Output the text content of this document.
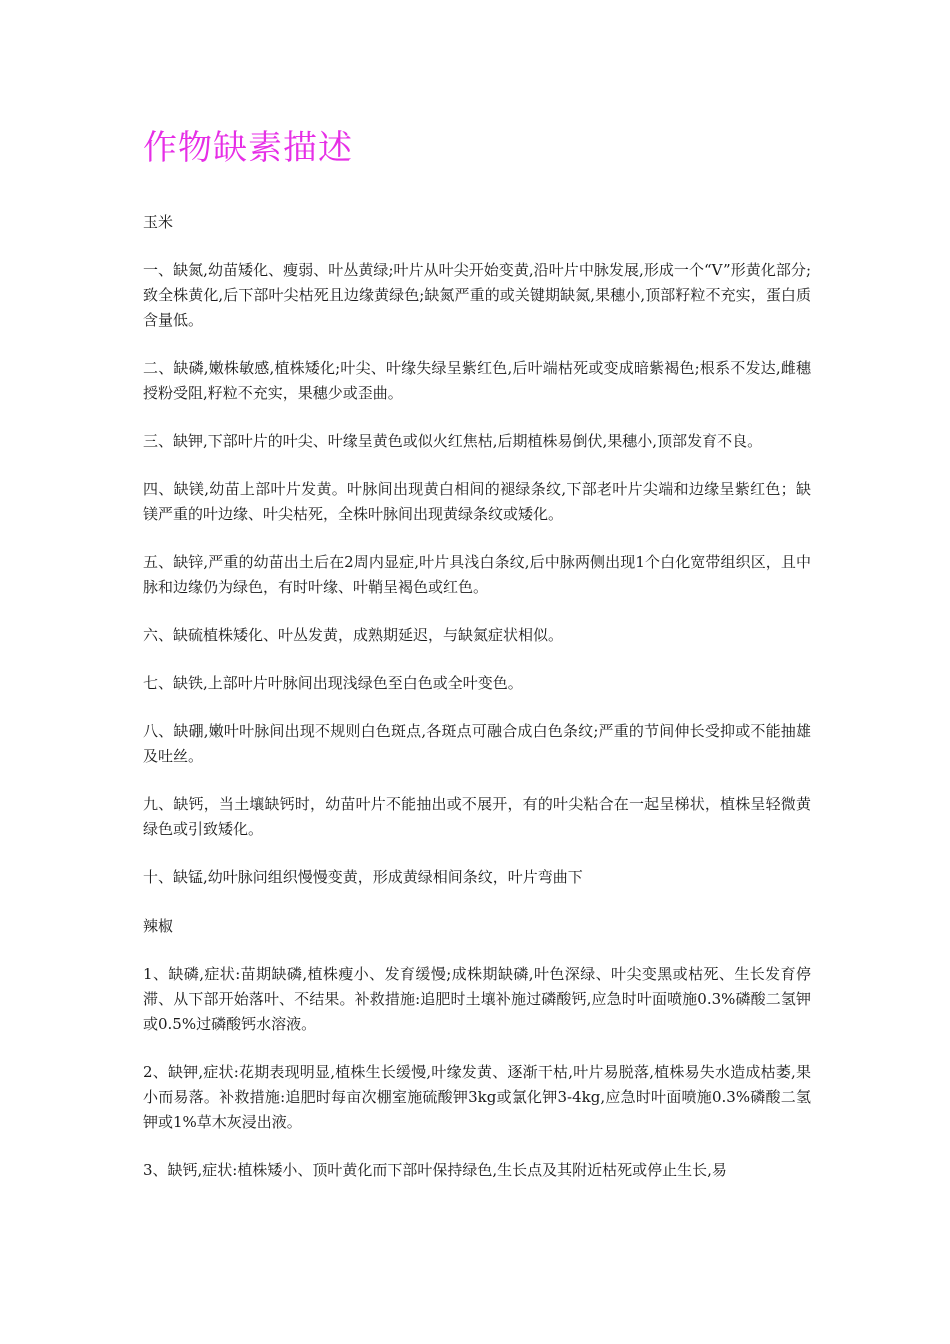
作物缺素描述

玉米

一、缺氮,幼苗矮化、瘦弱、叶丛黄绿;叶片从叶尖开始变黄,沿叶片中脉发展,形成一个“V”形黄化部分;致全株黄化,后下部叶尖枯死且边缘黄绿色;缺氮严重的或关键期缺氮,果穗小,顶部籽粒不充实，蛋白质含量低。

二、缺磷,嫩株敏感,植株矮化;叶尖、叶缘失绿呈紫红色,后叶端枯死或变成暗紫褐色;根系不发达,雌穗授粉受阻,籽粒不充实，果穗少或歪曲。

三、缺钾,下部叶片的叶尖、叶缘呈黄色或似火红焦枯,后期植株易倒伏,果穗小,顶部发育不良。

四、缺镁,幼苗上部叶片发黄。叶脉间出现黄白相间的褪绿条纹,下部老叶片尖端和边缘呈紫红色；缺镁严重的叶边缘、叶尖枯死，全株叶脉间出现黄绿条纹或矮化。

五、缺锌,严重的幼苗出土后在2周内显症,叶片具浅白条纹,后中脉两侧出现1个白化宽带组织区，且中脉和边缘仍为绿色，有时叶缘、叶鞘呈褐色或红色。

六、缺硫植株矮化、叶丛发黄，成熟期延迟，与缺氮症状相似。

七、缺铁,上部叶片叶脉间出现浅绿色至白色或全叶变色。

八、缺硼,嫩叶叶脉间出现不规则白色斑点,各斑点可融合成白色条纹;严重的节间伸长受抑或不能抽雄及吐丝。

九、缺钙，当土壤缺钙时，幼苗叶片不能抽出或不展开，有的叶尖粘合在一起呈梯状，植株呈轻微黄绿色或引致矮化。

十、缺锰,幼叶脉问组织慢慢变黄，形成黄绿相间条纹，叶片弯曲下

辣椒

1、缺磷,症状:苗期缺磷,植株瘦小、发育缓慢;成株期缺磷,叶色深绿、叶尖变黑或枯死、生长发育停滞、从下部开始落叶、不结果。补救措施:追肥时土壤补施过磷酸钙,应急时叶面喷施0.3%磷酸二氢钾或0.5%过磷酸钙水溶液。

2、缺钾,症状:花期表现明显,植株生长缓慢,叶缘发黄、逐渐干枯,叶片易脱落,植株易失水造成枯萎,果小而易落。补救措施:追肥时每亩次棚室施硫酸钾3kg或氯化钾3-4kg,应急时叶面喷施0.3%磷酸二氢钾或1%草木灰浸出液。

3、缺钙,症状:植株矮小、顶叶黄化而下部叶保持绿色,生长点及其附近枯死或停止生长,易
